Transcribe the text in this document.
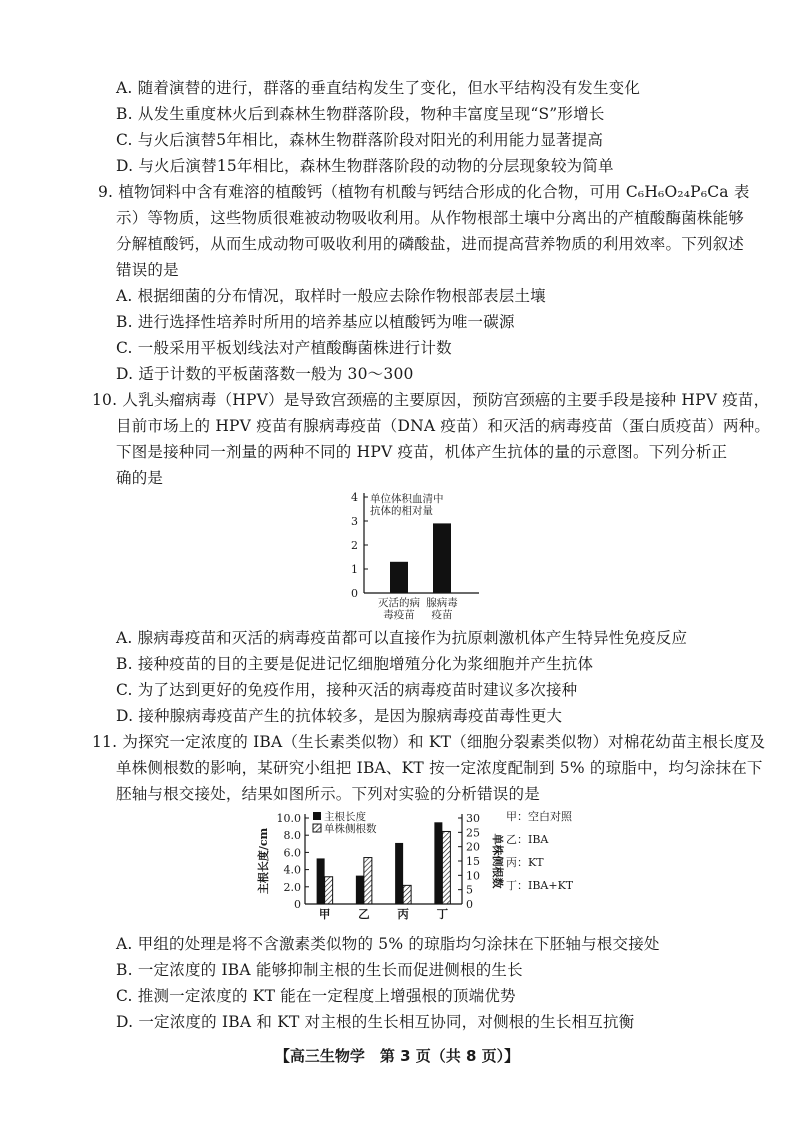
A. 随着演替的进行，群落的垂直结构发生了变化，但水平结构没有发生变化
B. 从发生重度林火后到森林生物群落阶段，物种丰富度呈现“S”形增长
C. 与火后演替5年相比，森林生物群落阶段对阳光的利用能力显著提高
D. 与火后演替15年相比，森林生物群落阶段的动物的分层现象较为简单
9. 植物饲料中含有难溶的植酸钙（植物有机酸与钙结合形成的化合物，可用 C₆H₆O₂₄P₆Ca 表
示）等物质，这些物质很难被动物吸收利用。从作物根部土壤中分离出的产植酸酶菌株能够
分解植酸钙，从而生成动物可吸收利用的磷酸盐，进而提高营养物质的利用效率。下列叙述
错误的是
A. 根据细菌的分布情况，取样时一般应去除作物根部表层土壤
B. 进行选择性培养时所用的培养基应以植酸钙为唯一碳源
C. 一般采用平板划线法对产植酸酶菌株进行计数
D. 适于计数的平板菌落数一般为 30～300
10. 人乳头瘤病毒（HPV）是导致宫颈癌的主要原因，预防宫颈癌的主要手段是接种 HPV 疫苗，
目前市场上的 HPV 疫苗有腺病毒疫苗（DNA 疫苗）和灭活的病毒疫苗（蛋白质疫苗）两种。
下图是接种同一剂量的两种不同的 HPV 疫苗，机体产生抗体的量的示意图。下列分析正
确的是
0
1
2
3
4 单位体积血清中
抗体的相对量
灭活的病
毒疫苗
腺病毒
疫苗
A. 腺病毒疫苗和灭活的病毒疫苗都可以直接作为抗原刺激机体产生特异性免疫反应
B. 接种疫苗的目的主要是促进记忆细胞增殖分化为浆细胞并产生抗体
C. 为了达到更好的免疫作用，接种灭活的病毒疫苗时建议多次接种
D. 接种腺病毒疫苗产生的抗体较多，是因为腺病毒疫苗毒性更大
11. 为探究一定浓度的 IBA（生长素类似物）和 KT（细胞分裂素类似物）对棉花幼苗主根长度及
单株侧根数的影响，某研究小组把 IBA、KT 按一定浓度配制到 5% 的琼脂中，均匀涂抹在下
胚轴与根交接处，结果如图所示。下列对实验的分析错误的是
0
2.0
4.0
6.0
8.0
10.0
0
5
10
15
20
25
30
主根长度/cm	单株侧根数
甲 乙 丙 丁
主根长度
单株侧根数
甲：空白对照
乙：IBA
丙：KT
丁：IBA+KT
A. 甲组的处理是将不含激素类似物的 5% 的琼脂均匀涂抹在下胚轴与根交接处
B. 一定浓度的 IBA 能够抑制主根的生长而促进侧根的生长
C. 推测一定浓度的 KT 能在一定程度上增强根的顶端优势
D. 一定浓度的 IBA 和 KT 对主根的生长相互协同，对侧根的生长相互抗衡
【高三生物学　第 3 页（共 8 页）】
